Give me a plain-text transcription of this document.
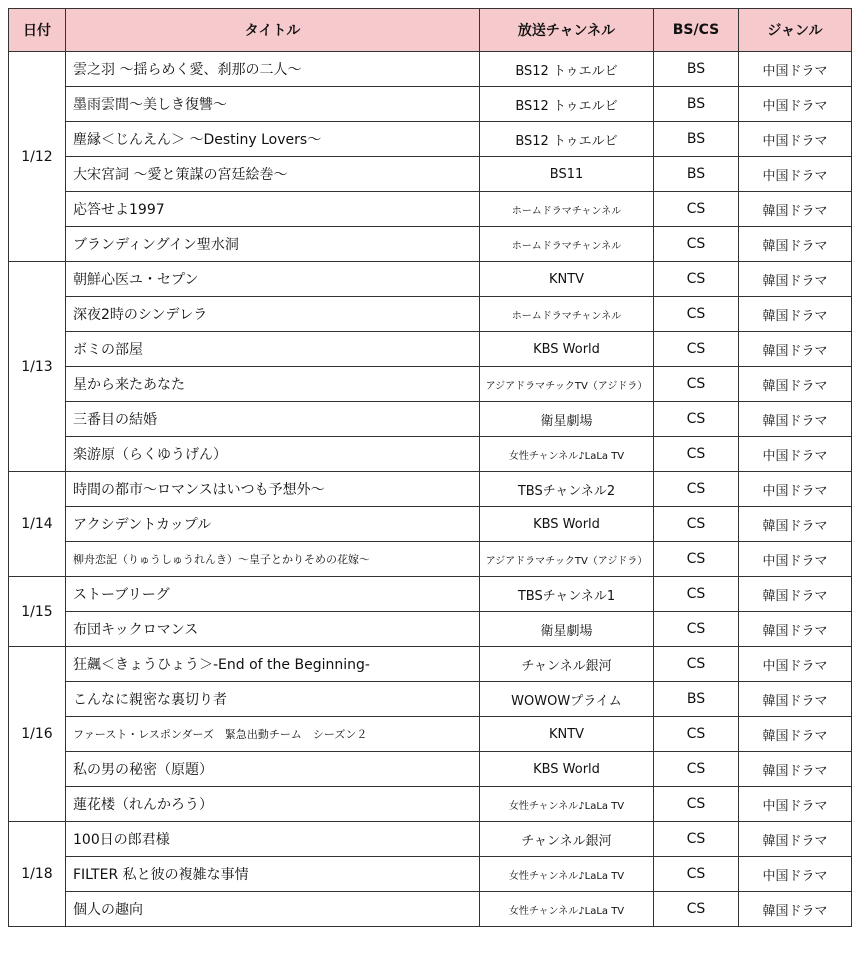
日付	タイトル	放送チャンネル	BS/CS	ジャンル
1/12	雲之羽 ～揺らめく愛、刹那の二人～	BS12 トゥエルビ	BS	中国ドラマ
	墨雨雲間～美しき復讐～	BS12 トゥエルビ	BS	中国ドラマ
	塵縁＜じんえん＞ ～Destiny Lovers～	BS12 トゥエルビ	BS	中国ドラマ
	大宋宮詞 ～愛と策謀の宮廷絵巻～	BS11	BS	中国ドラマ
	応答せよ1997	ホームドラマチャンネル	CS	韓国ドラマ
	ブランディングイン聖水洞	ホームドラマチャンネル	CS	韓国ドラマ
1/13	朝鮮心医ユ・セプン	KNTV	CS	韓国ドラマ
	深夜2時のシンデレラ	ホームドラマチャンネル	CS	韓国ドラマ
	ボミの部屋	KBS World	CS	韓国ドラマ
	星から来たあなた	アジアドラマチックTV（アジドラ）	CS	韓国ドラマ
	三番目の結婚	衛星劇場	CS	韓国ドラマ
	楽游原（らくゆうげん）	女性チャンネル♪LaLa TV	CS	中国ドラマ
1/14	時間の都市～ロマンスはいつも予想外～	TBSチャンネル2	CS	中国ドラマ
	アクシデントカップル	KBS World	CS	韓国ドラマ
	柳舟恋記（りゅうしゅうれんき）～皇子とかりそめの花嫁～	アジアドラマチックTV（アジドラ）	CS	中国ドラマ
1/15	ストーブリーグ	TBSチャンネル1	CS	韓国ドラマ
	布団キックロマンス	衛星劇場	CS	韓国ドラマ
1/16	狂飆＜きょうひょう＞-End of the Beginning-	チャンネル銀河	CS	中国ドラマ
	こんなに親密な裏切り者	WOWOWプライム	BS	韓国ドラマ
	ファースト・レスポンダーズ　緊急出動チーム　シーズン２	KNTV	CS	韓国ドラマ
	私の男の秘密（原題）	KBS World	CS	韓国ドラマ
	蓮花楼（れんかろう）	女性チャンネル♪LaLa TV	CS	中国ドラマ
1/18	100日の郎君様	チャンネル銀河	CS	韓国ドラマ
	FILTER 私と彼の複雑な事情	女性チャンネル♪LaLa TV	CS	中国ドラマ
	個人の趣向	女性チャンネル♪LaLa TV	CS	韓国ドラマ
